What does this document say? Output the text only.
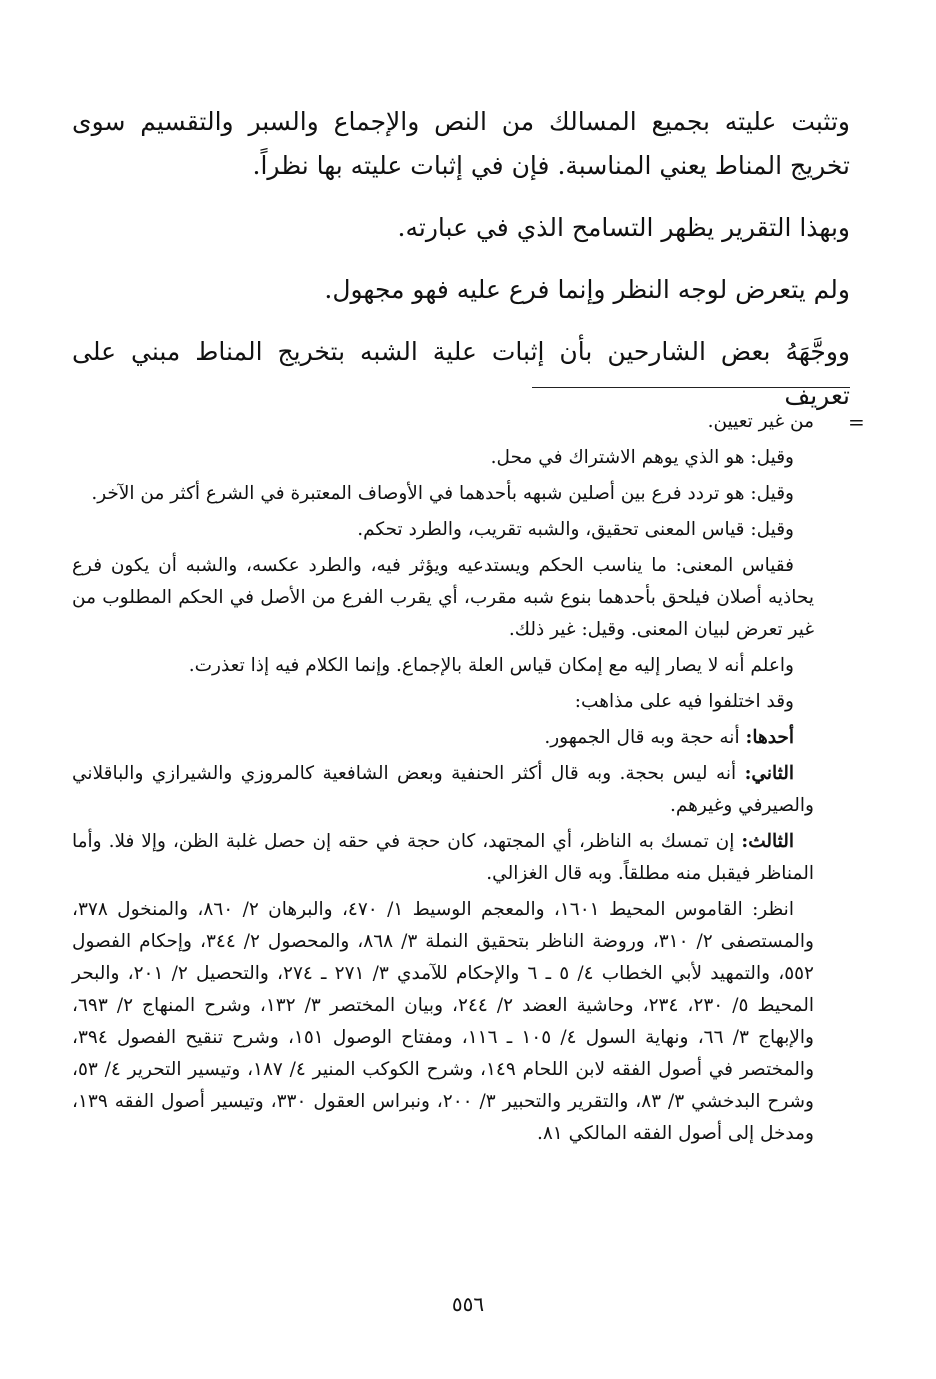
وتثبت عليته بجميع المسالك من النص والإجماع والسبر والتقسيم سوى تخريج المناط يعني المناسبة. فإن في إثبات عليته بها نظراً.

وبهذا التقرير يظهر التسامح الذي في عبارته.

ولم يتعرض لوجه النظر وإنما فرع عليه فهو مجهول.

ووجَّهَهُ بعض الشارحين بأن إثبات علية الشبه بتخريج المناط مبني على تعريف

=

من غير تعيين.

وقيل: هو الذي يوهم الاشتراك في محل.

وقيل: هو تردد فرع بين أصلين شبهه بأحدهما في الأوصاف المعتبرة في الشرع أكثر من الآخر.

وقيل: قياس المعنى تحقيق، والشبه تقريب، والطرد تحكم.

فقياس المعنى: ما يناسب الحكم ويستدعيه ويؤثر فيه، والطرد عكسه، والشبه أن يكون فرع يحاذيه أصلان فيلحق بأحدهما بنوع شبه مقرب، أي يقرب الفرع من الأصل في الحكم المطلوب من غير تعرض لبيان المعنى. وقيل: غير ذلك.

واعلم أنه لا يصار إليه مع إمكان قياس العلة بالإجماع. وإنما الكلام فيه إذا تعذرت.

وقد اختلفوا فيه على مذاهب:

أحدها: أنه حجة وبه قال الجمهور.

الثاني: أنه ليس بحجة. وبه قال أكثر الحنفية وبعض الشافعية كالمروزي والشيرازي والباقلاني والصيرفي وغيرهم.

الثالث: إن تمسك به الناظر، أي المجتهد، كان حجة في حقه إن حصل غلبة الظن، وإلا فلا. وأما المناظر فيقبل منه مطلقاً. وبه قال الغزالي.

انظر: القاموس المحيط ١٦٠١، والمعجم الوسيط ١/ ٤٧٠، والبرهان ٢/ ٨٦٠، والمنخول ٣٧٨، والمستصفى ٢/ ٣١٠، وروضة الناظر بتحقيق النملة ٣/ ٨٦٨، والمحصول ٢/ ٣٤٤، وإحكام الفصول ٥٥٢، والتمهيد لأبي الخطاب ٤/ ٥ ـ ٦ والإحكام للآمدي ٣/ ٢٧١ ـ ٢٧٤، والتحصيل ٢/ ٢٠١، والبحر المحيط ٥/ ٢٣٠، ٢٣٤، وحاشية العضد ٢/ ٢٤٤، وبيان المختصر ٣/ ١٣٢، وشرح المنهاج ٢/ ٦٩٣، والإبهاج ٣/ ٦٦، ونهاية السول ٤/ ١٠٥ ـ ١١٦، ومفتاح الوصول ١٥١، وشرح تنقيح الفصول ٣٩٤، والمختصر في أصول الفقه لابن اللحام ١٤٩، وشرح الكوكب المنير ٤/ ١٨٧، وتيسير التحرير ٤/ ٥٣، وشرح البدخشي ٣/ ٨٣، والتقرير والتحبير ٣/ ٢٠٠، ونبراس العقول ٣٣٠، وتيسير أصول الفقه ١٣٩، ومدخل إلى أصول الفقه المالكي ٨١.

٥٥٦
